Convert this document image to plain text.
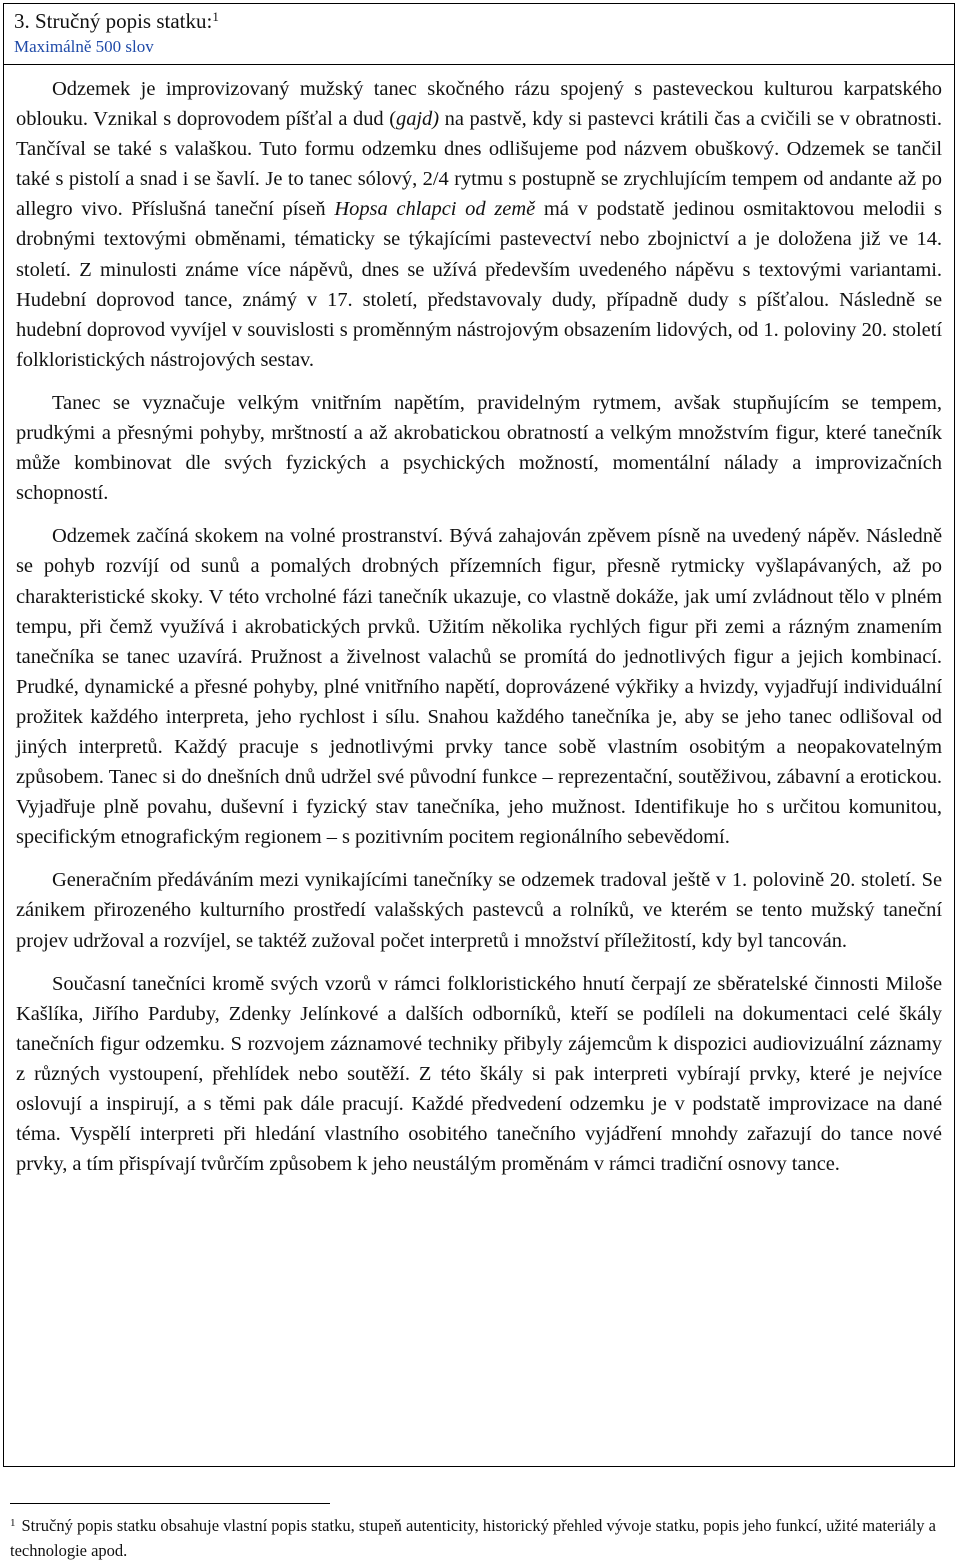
3. Stručný popis statku:$^1$
Maximálně 500 slov

Odzemek je improvizovaný mužský tanec skočného rázu spojený s pasteveckou kulturou karpatského oblouku. Vznikal s doprovodem píšťal a dud (gajd) na pastvě, kdy si pastevci krátili čas a cvičili se v obratnosti. Tančíval se také s valaškou. Tuto formu odzemku dnes odlišujeme pod názvem obuškový. Odzemek se tančil také s pistolí a snad i se šavlí. Je to tanec sólový, 2/4 rytmu s postupně se zrychlujícím tempem od andante až po allegro vivo. Příslušná taneční píseň Hopsa chlapci od země má v podstatě jedinou osmitaktovou melodii s drobnými textovými obměnami, tématicky se týkajícími pastevectví nebo zbojnictví a je doložena již ve 14. století. Z minulosti známe více nápěvů, dnes se užívá především uvedeného nápěvu s textovými variantami. Hudební doprovod tance, známý v 17. století, představovaly dudy, případně dudy s píšťalou. Následně se hudební doprovod vyvíjel v souvislosti s proměnným nástrojovým obsazením lidových, od 1. poloviny 20. století folkloristických nástrojových sestav.

Tanec se vyznačuje velkým vnitřním napětím, pravidelným rytmem, avšak stupňujícím se tempem, prudkými a přesnými pohyby, mrštností a až akrobatickou obratností a velkým množstvím figur, které tanečník může kombinovat dle svých fyzických a psychických možností, momentální nálady a improvizačních schopností.

Odzemek začíná skokem na volné prostranství. Bývá zahajován zpěvem písně na uvedený nápěv. Následně se pohyb rozvíjí od sunů a pomalých drobných přízemních figur, přesně rytmicky vyšlapávaných, až po charakteristické skoky. V této vrcholné fázi tanečník ukazuje, co vlastně dokáže, jak umí zvládnout tělo v plném tempu, při čemž využívá i akrobatických prvků. Užitím několika rychlých figur při zemi a rázným znamením tanečníka se tanec uzavírá. Pružnost a živelnost valachů se promítá do jednotlivých figur a jejich kombinací. Prudké, dynamické a přesné pohyby, plné vnitřního napětí, doprovázené výkřiky a hvizdy, vyjadřují individuální prožitek každého interpreta, jeho rychlost i sílu. Snahou každého tanečníka je, aby se jeho tanec odlišoval od jiných interpretů. Každý pracuje s jednotlivými prvky tance sobě vlastním osobitým a neopakovatelným způsobem. Tanec si do dnešních dnů udržel své původní funkce – reprezentační, soutěživou, zábavní a erotickou. Vyjadřuje plně povahu, duševní i fyzický stav tanečníka, jeho mužnost. Identifikuje ho s určitou komunitou, specifickým etnografickým regionem – s pozitivním pocitem regionálního sebevědomí.

Generačním předáváním mezi vynikajícími tanečníky se odzemek tradoval ještě v 1. polovině 20. století. Se zánikem přirozeného kulturního prostředí valašských pastevců a rolníků, ve kterém se tento mužský taneční projev udržoval a rozvíjel, se taktéž zužoval počet interpretů i množství příležitostí, kdy byl tancován.

Současní tanečníci kromě svých vzorů v rámci folkloristického hnutí čerpají ze sběratelské činnosti Miloše Kašlíka, Jiřího Parduby, Zdenky Jelínkové a dalších odborníků, kteří se podíleli na dokumentaci celé škály tanečních figur odzemku. S rozvojem záznamové techniky přibyly zájemcům k dispozici audiovizuální záznamy z různých vystoupení, přehlídek nebo soutěží. Z této škály si pak interpreti vybírají prvky, které je nejvíce oslovují a inspirují, a s těmi pak dále pracují. Každé předvedení odzemku je v podstatě improvizace na dané téma. Vyspělí interpreti při hledání vlastního osobitého tanečního vyjádření mnohdy zařazují do tance nové prvky, a tím přispívají tvůrčím způsobem k jeho neustálým proměnám v rámci tradiční osnovy tance.

$^1$ Stručný popis statku obsahuje vlastní popis statku, stupeň autenticity, historický přehled vývoje statku, popis jeho funkcí, užité materiály a technologie apod.
